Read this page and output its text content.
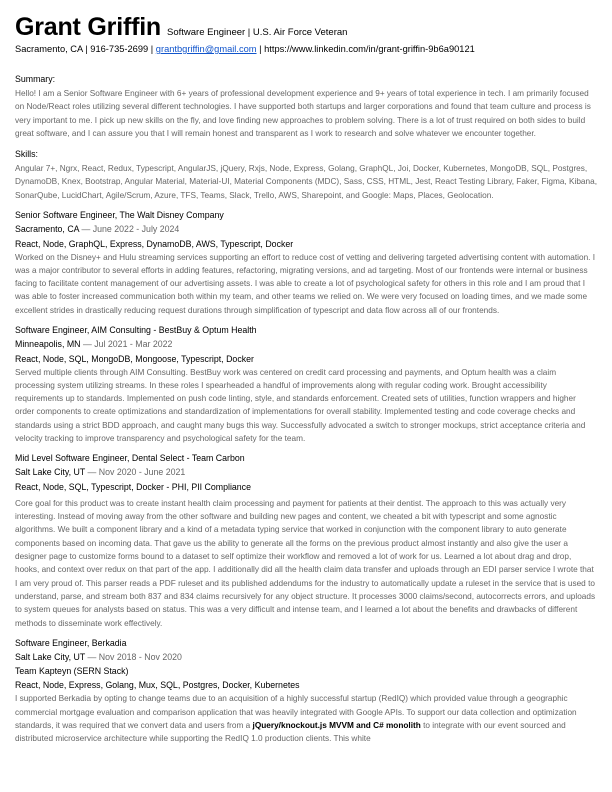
Grant Griffin Software Engineer | U.S. Air Force Veteran
Sacramento, CA | 916-735-2699 | grantbgriffin@gmail.com | https://www.linkedin.com/in/grant-griffin-9b6a90121
Summary:
Hello! I am a Senior Software Engineer with 6+ years of professional development experience and 9+ years of total experience in tech. I am primarily focused on Node/React roles utilizing several different technologies. I have supported both startups and larger corporations and found that team culture and process is very important to me. I pick up new skills on the fly, and love finding new approaches to problem solving. There is a lot of trust required on both sides to build great software, and I can assure you that I will remain honest and transparent as I work to research and solve whatever we encounter together.
Skills:
Angular 7+, Ngrx, React, Redux, Typescript, AngularJS, jQuery, Rxjs, Node, Express, Golang, GraphQL, Joi, Docker, Kubernetes, MongoDB, SQL, Postgres, DynamoDB, Knex, Bootstrap, Angular Material, Material-UI, Material Components (MDC), Sass, CSS, HTML, Jest, React Testing Library, Faker, Figma, Kibana, SonarQube, LucidChart, Agile/Scrum, Azure, TFS, Teams, Slack, Trello, AWS, Sharepoint, and Google: Maps, Places, Geolocation.
Senior Software Engineer, The Walt Disney Company
Sacramento, CA — June 2022 - July 2024
React, Node, GraphQL, Express, DynamoDB, AWS, Typescript, Docker
Worked on the Disney+ and Hulu streaming services supporting an effort to reduce cost of vetting and delivering targeted advertising content with automation. I was a major contributor to several efforts in adding features, refactoring, migrating versions, and ad targeting. Most of our frontends were internal or business facing to facilitate content management of our advertising assets. I was able to create a lot of psychological safety for others in this role and I am proud that I was able to foster increased communication both within my team, and other teams we relied on. We were very focused on loading times, and we made some excellent strides in drastically reducing request durations through simplification of typescript and data flow across all of our frontends.
Software Engineer, AIM Consulting - BestBuy & Optum Health
Minneapolis, MN — Jul 2021 - Mar 2022
React, Node, SQL, MongoDB, Mongoose, Typescript, Docker
Served multiple clients through AIM Consulting. BestBuy work was centered on credit card processing and payments, and Optum health was a claim processing system utilizing streams. In these roles I spearheaded a handful of improvements along with regular coding work. Brought accessibility requirements up to standards. Implemented on push code linting, style, and standards enforcement. Created sets of utilities, function wrappers and higher order components to create optimizations and standardization of implementations for overall stability. Implemented testing and code coverage checks and standards using a strict BDD approach, and caught many bugs this way. Successfully advocated a switch to stronger mockups, strict acceptance criteria and velocity tracking to improve transparency and psychological safety for the team.
Mid Level Software Engineer, Dental Select - Team Carbon
Salt Lake City, UT — Nov 2020 - June 2021
React, Node, SQL, Typescript, Docker - PHI, PII Compliance
Core goal for this product was to create instant health claim processing and payment for patients at their dentist. The approach to this was actually very interesting. Instead of moving away from the other software and building new pages and content, we cheated a bit with typescript and some agnostic algorithms. We built a component library and a kind of a metadata typing service that worked in conjunction with the component library to auto generate components based on incoming data. That gave us the ability to generate all the forms on the previous product almost instantly and also give the user a designer page to customize forms bound to a dataset to self optimize their workflow and removed a lot of work for us. Learned a lot about drag and drop, hooks, and context over redux on that part of the app. I additionally did all the health claim data transfer and uploads through an EDI parser service I wrote that I am very proud of. This parser reads a PDF ruleset and its published addendums for the industry to automatically update a ruleset in the service that is used to understand, parse, and stream both 837 and 834 claims recursively for any object structure. It processes 3000 claims/second, autocorrects errors, and uploads to system queues for analysts based on status. This was a very difficult and intense team, and I learned a lot about the benefits and drawbacks of different methods to disseminate work effectively.
Software Engineer, Berkadia
Salt Lake City, UT — Nov 2018 - Nov 2020
Team Kapteyn (SERN Stack)
React, Node, Express, Golang, Mux, SQL, Postgres, Docker, Kubernetes
I supported Berkadia by opting to change teams due to an acquisition of a highly successful startup (RedIQ) which provided value through a geographic commercial mortgage evaluation and comparison application that was heavily integrated with Google APIs. To support our data collection and optimization standards, it was required that we convert data and users from a jQuery/knockout.js MVVM and C# monolith to integrate with our event sourced and distributed microservice architecture while supporting the RedIQ 1.0 production clients. This white
